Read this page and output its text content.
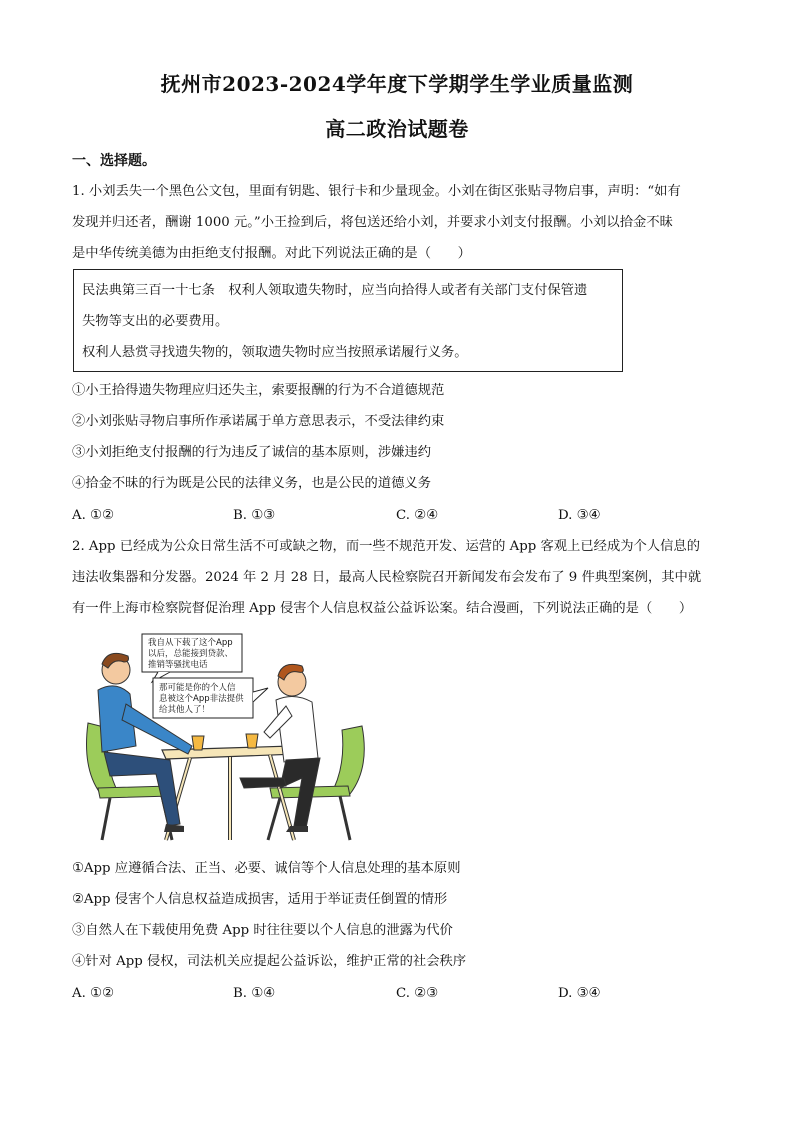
抚州市2023-2024学年度下学期学生学业质量监测
高二政治试题卷
一、选择题。
1. 小刘丢失一个黑色公文包，里面有钥匙、银行卡和少量现金。小刘在街区张贴寻物启事，声明：“如有
发现并归还者，酬谢 1000 元。”小王捡到后，将包送还给小刘，并要求小刘支付报酬。小刘以拾金不昧
是中华传统美德为由拒绝支付报酬。对此下列说法正确的是（　　）

民法典第三百一十七条　权利人领取遗失物时，应当向拾得人或者有关部门支付保管遗

失物等支出的必要费用。

权利人悬赏寻找遗失物的，领取遗失物时应当按照承诺履行义务。

①小王拾得遗失物理应归还失主，索要报酬的行为不合道德规范
②小刘张贴寻物启事所作承诺属于单方意思表示，不受法律约束
③小刘拒绝支付报酬的行为违反了诚信的基本原则，涉嫌违约
④拾金不昧的行为既是公民的法律义务，也是公民的道德义务
A. ①②	B. ①③	C. ②④	D. ③④
2. App 已经成为公众日常生活不可或缺之物，而一些不规范开发、运营的 App 客观上已经成为个人信息的
违法收集器和分发器。2024 年 2 月 28 日，最高人民检察院召开新闻发布会发布了 9 件典型案例，其中就
有一件上海市检察院督促治理 App 侵害个人信息权益公益诉讼案。结合漫画，下列说法正确的是（　　）
我自从下载了这个App
以后，总能接到贷款、
推销等骚扰电话
那可能是你的个人信
息被这个App非法提供
给其他人了！
①App 应遵循合法、正当、必要、诚信等个人信息处理的基本原则
②App 侵害个人信息权益造成损害，适用于举证责任倒置的情形
③自然人在下载使用免费 App 时往往要以个人信息的泄露为代价
④针对 App 侵权，司法机关应提起公益诉讼，维护正常的社会秩序
A. ①②	B. ①④	C. ②③	D. ③④
